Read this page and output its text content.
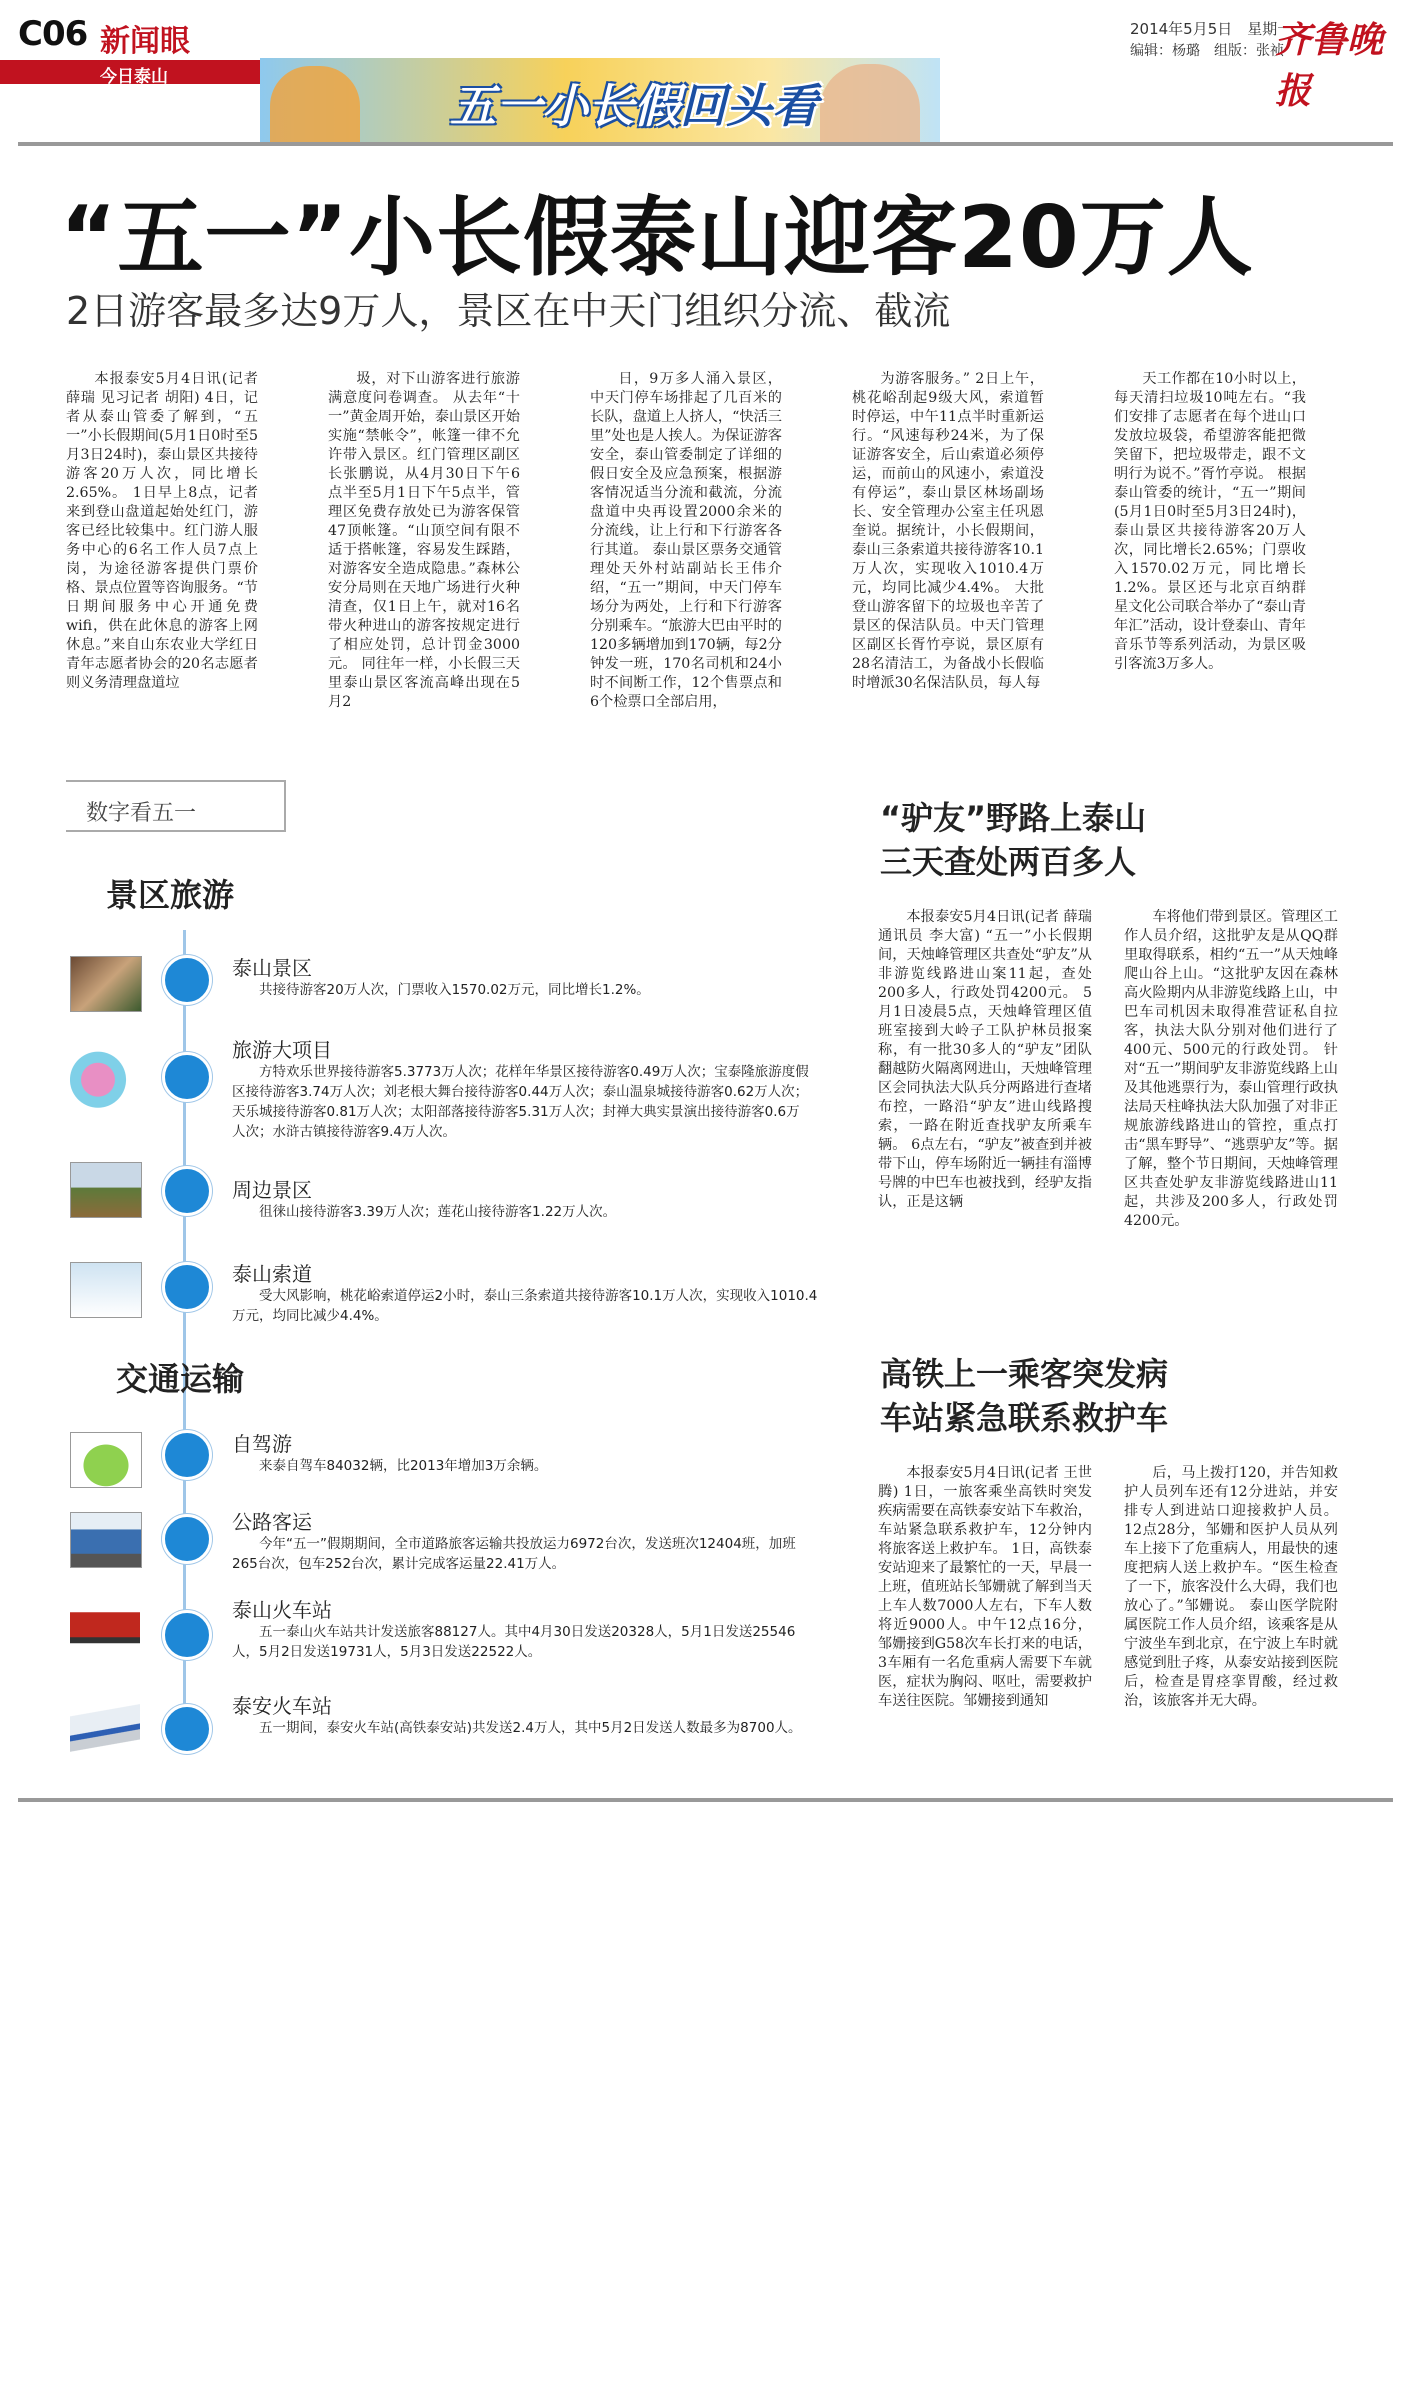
C06 新闻眼
今日泰山
五一小长假回头看
2014年5月5日　星期一
编辑：杨璐　组版：张祯
齐鲁晚报
“五一”小长假泰山迎客20万人
2日游客最多达9万人，景区在中天门组织分流、截流

本报泰安5月4日讯(记者 薛瑞 见习记者 胡阳) 4日，记者从泰山管委了解到，“五一”小长假期间(5月1日0时至5月3日24时)，泰山景区共接待游客20万人次，同比增长2.65%。 1日早上8点，记者来到登山盘道起始处红门，游客已经比较集中。红门游人服务中心的6名工作人员7点上岗，为途径游客提供门票价格、景点位置等咨询服务。“节日期间服务中心开通免费wifi，供在此休息的游客上网休息。”来自山东农业大学红日青年志愿者协会的20名志愿者则义务清理盘道垃

圾，对下山游客进行旅游满意度问卷调查。 从去年“十一”黄金周开始，泰山景区开始实施“禁帐令”，帐篷一律不允许带入景区。红门管理区副区长张鹏说，从4月30日下午6点半至5月1日下午5点半，管理区免费存放处已为游客保管47顶帐篷。“山顶空间有限不适于搭帐篷，容易发生踩踏，对游客安全造成隐患。”森林公安分局则在天地广场进行火种清查，仅1日上午，就对16名带火种进山的游客按规定进行了相应处罚，总计罚金3000元。 同往年一样，小长假三天里泰山景区客流高峰出现在5月2

日，9万多人涌入景区，中天门停车场排起了几百米的长队，盘道上人挤人，“快活三里”处也是人挨人。为保证游客安全，泰山管委制定了详细的假日安全及应急预案，根据游客情况适当分流和截流，分流盘道中央再设置2000余米的分流线，让上行和下行游客各行其道。 泰山景区票务交通管理处天外村站副站长王伟介绍，“五一”期间，中天门停车场分为两处，上行和下行游客分别乘车。“旅游大巴由平时的120多辆增加到170辆，每2分钟发一班，170名司机和24小时不间断工作，12个售票点和6个检票口全部启用，

为游客服务。” 2日上午，桃花峪刮起9级大风，索道暂时停运，中午11点半时重新运行。“风速每秒24米，为了保证游客安全，后山索道必须停运，而前山的风速小，索道没有停运”，泰山景区林场副场长、安全管理办公室主任巩恩奎说。据统计，小长假期间，泰山三条索道共接待游客10.1万人次，实现收入1010.4万元，均同比减少4.4%。 大批登山游客留下的垃圾也辛苦了景区的保洁队员。中天门管理区副区长胥竹亭说，景区原有28名清洁工，为备战小长假临时增派30名保洁队员，每人每

天工作都在10小时以上，每天清扫垃圾10吨左右。“我们安排了志愿者在每个进山口发放垃圾袋，希望游客能把微笑留下，把垃圾带走，跟不文明行为说不。”胥竹亭说。 根据泰山管委的统计，“五一”期间(5月1日0时至5月3日24时)，泰山景区共接待游客20万人次，同比增长2.65%；门票收入1570.02万元，同比增长1.2%。景区还与北京百纳群星文化公司联合举办了“泰山青年汇”活动，设计登泰山、青年音乐节等系列活动，为景区吸引客流3万多人。

数字看五一
景区旅游
泰山景区

共接待游客20万人次，门票收入1570.02万元，同比增长1.2%。

旅游大项目

方特欢乐世界接待游客5.3773万人次；花样年华景区接待游客0.49万人次；宝泰隆旅游度假区接待游客3.74万人次；刘老根大舞台接待游客0.44万人次；泰山温泉城接待游客0.62万人次；天乐城接待游客0.81万人次；太阳部落接待游客5.31万人次；封禅大典实景演出接待游客0.6万人次；水浒古镇接待游客9.4万人次。

周边景区

徂徕山接待游客3.39万人次；莲花山接待游客1.22万人次。

泰山索道

受大风影响，桃花峪索道停运2小时，泰山三条索道共接待游客10.1万人次，实现收入1010.4万元，均同比减少4.4%。

交通运输
自驾游

来泰自驾车84032辆，比2013年增加3万余辆。

公路客运

今年“五一”假期期间，全市道路旅客运输共投放运力6972台次，发送班次12404班，加班265台次，包车252台次，累计完成客运量22.41万人。

泰山火车站

五一泰山火车站共计发送旅客88127人。其中4月30日发送20328人，5月1日发送25546人，5月2日发送19731人，5月3日发送22522人。

泰安火车站

五一期间，泰安火车站(高铁泰安站)共发送2.4万人，其中5月2日发送人数最多为8700人。

“驴友”野路上泰山
三天查处两百多人

本报泰安5月4日讯(记者 薛瑞 通讯员 李大富) “五一”小长假期间，天烛峰管理区共查处“驴友”从非游览线路进山案11起，查处200多人，行政处罚4200元。 5月1日凌晨5点，天烛峰管理区值班室接到大岭子工队护林员报案称，有一批30多人的“驴友”团队翻越防火隔离网进山，天烛峰管理区会同执法大队兵分两路进行查堵布控，一路沿“驴友”进山线路搜索，一路在附近查找驴友所乘车辆。 6点左右，“驴友”被查到并被带下山，停车场附近一辆挂有淄博号牌的中巴车也被找到，经驴友指认，正是这辆

车将他们带到景区。管理区工作人员介绍，这批驴友是从QQ群里取得联系，相约“五一”从天烛峰爬山谷上山。“这批驴友因在森林高火险期内从非游览线路上山，中巴车司机因未取得准营证私自拉客，执法大队分别对他们进行了400元、500元的行政处罚。 针对“五一”期间驴友非游览线路上山及其他逃票行为，泰山管理行政执法局天柱峰执法大队加强了对非正规旅游线路进山的管控，重点打击“黑车野导”、“逃票驴友”等。据了解，整个节日期间，天烛峰管理区共查处驴友非游览线路进山11起，共涉及200多人，行政处罚4200元。

高铁上一乘客突发病
车站紧急联系救护车

本报泰安5月4日讯(记者 王世腾) 1日，一旅客乘坐高铁时突发疾病需要在高铁泰安站下车救治，车站紧急联系救护车，12分钟内将旅客送上救护车。 1日，高铁泰安站迎来了最繁忙的一天，早晨一上班，值班站长邹姗就了解到当天上车人数7000人左右，下车人数将近9000人。中午12点16分，邹姗接到G58次车长打来的电话，3车厢有一名危重病人需要下车就医，症状为胸闷、呕吐，需要救护车送往医院。邹姗接到通知

后，马上拨打120，并告知救护人员列车还有12分进站，并安排专人到进站口迎接救护人员。 12点28分，邹姗和医护人员从列车上接下了危重病人，用最快的速度把病人送上救护车。“医生检查了一下，旅客没什么大碍，我们也放心了。”邹姗说。 泰山医学院附属医院工作人员介绍，该乘客是从宁波坐车到北京，在宁波上车时就感觉到肚子疼，从泰安站接到医院后，检查是胃痉挛胃酸，经过救治，该旅客并无大碍。
